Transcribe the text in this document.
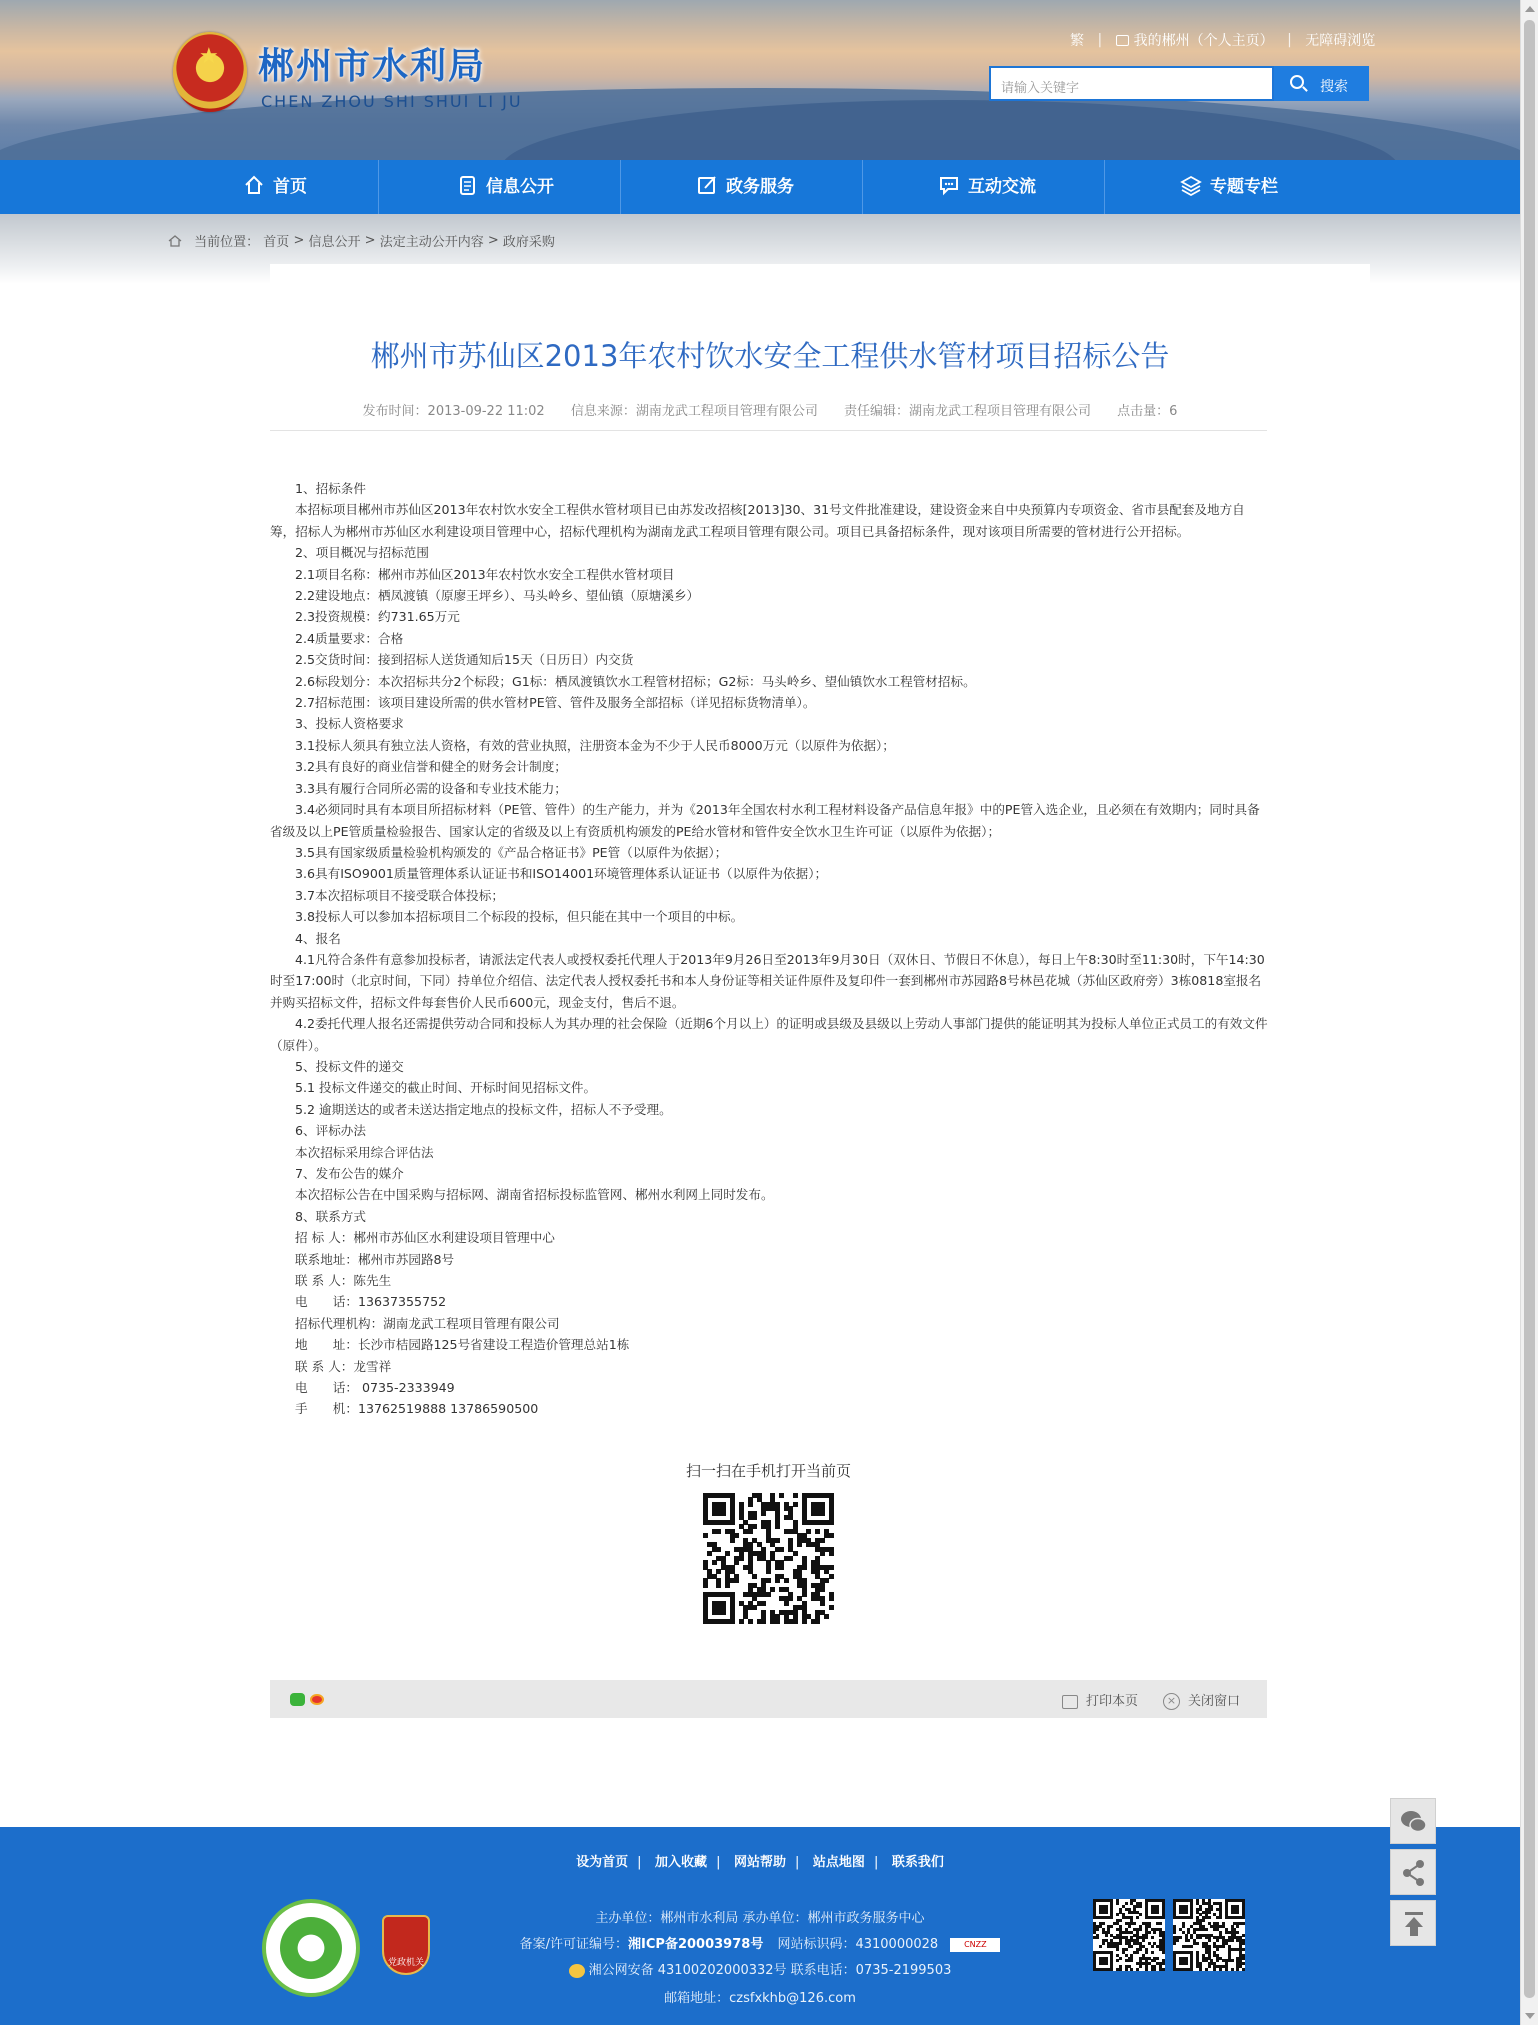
★ 郴州市水利局
CHEN ZHOU SHI SHUI LI JU
繁 | 我的郴州（个人主页） | 无障碍浏览
请输入关键字	搜索
首页	信息公开	政务服务	互动交流	专题专栏
当前位置： 首页 > 信息公开 > 法定主动公开内容 > 政府采购
郴州市苏仙区2013年农村饮水安全工程供水管材项目招标公告
发布时间：2013-09-22 11:02 信息来源：湖南龙武工程项目管理有限公司 责任编辑：湖南龙武工程项目管理有限公司 点击量：6

1、招标条件

本招标项目郴州市苏仙区2013年农村饮水安全工程供水管材项目已由苏发改招核[2013]30、31号文件批准建设，建设资金来自中央预算内专项资金、省市县配套及地方自筹，招标人为郴州市苏仙区水利建设项目管理中心，招标代理机构为湖南龙武工程项目管理有限公司。项目已具备招标条件，现对该项目所需要的管材进行公开招标。

2、项目概况与招标范围

2.1项目名称：郴州市苏仙区2013年农村饮水安全工程供水管材项目

2.2建设地点：栖凤渡镇（原廖王坪乡）、马头岭乡、望仙镇（原塘溪乡）

2.3投资规模：约731.65万元

2.4质量要求：合格

2.5交货时间：接到招标人送货通知后15天（日历日）内交货

2.6标段划分：本次招标共分2个标段；G1标：栖凤渡镇饮水工程管材招标；G2标：马头岭乡、望仙镇饮水工程管材招标。

2.7招标范围：该项目建设所需的供水管材PE管、管件及服务全部招标（详见招标货物清单）。

3、投标人资格要求

3.1投标人须具有独立法人资格，有效的营业执照，注册资本金为不少于人民币8000万元（以原件为依据）；

3.2具有良好的商业信誉和健全的财务会计制度；

3.3具有履行合同所必需的设备和专业技术能力；

3.4必须同时具有本项目所招标材料（PE管、管件）的生产能力，并为《2013年全国农村水利工程材料设备产品信息年报》中的PE管入选企业，且必须在有效期内；同时具备省级及以上PE管质量检验报告、国家认定的省级及以上有资质机构颁发的PE给水管材和管件安全饮水卫生许可证（以原件为依据）；

3.5具有国家级质量检验机构颁发的《产品合格证书》PE管（以原件为依据）；

3.6具有ISO9001质量管理体系认证证书和ISO14001环境管理体系认证证书（以原件为依据）；

3.7本次招标项目不接受联合体投标；

3.8投标人可以参加本招标项目二个标段的投标，但只能在其中一个项目的中标。

4、报名

4.1凡符合条件有意参加投标者，请派法定代表人或授权委托代理人于2013年9月26日至2013年9月30日（双休日、节假日不休息），每日上午8:30时至11:30时，下午14:30时至17:00时（北京时间，下同）持单位介绍信、法定代表人授权委托书和本人身份证等相关证件原件及复印件一套到郴州市苏园路8号林邑花城（苏仙区政府旁）3栋0818室报名并购买招标文件，招标文件每套售价人民币600元，现金支付，售后不退。

4.2委托代理人报名还需提供劳动合同和投标人为其办理的社会保险（近期6个月以上）的证明或县级及县级以上劳动人事部门提供的能证明其为投标人单位正式员工的有效文件（原件）。

5、投标文件的递交

5.1 投标文件递交的截止时间、开标时间见招标文件。

5.2 逾期送达的或者未送达指定地点的投标文件，招标人不予受理。

6、评标办法

本次招标采用综合评估法

7、发布公告的媒介

本次招标公告在中国采购与招标网、湖南省招标投标监管网、郴州水利网上同时发布。

8、联系方式

招 标 人：郴州市苏仙区水利建设项目管理中心

联系地址：郴州市苏园路8号

联 系 人：陈先生

电　　话：13637355752

招标代理机构：湖南龙武工程项目管理有限公司

地　　址：长沙市桔园路125号省建设工程造价管理总站1栋

联 系 人：龙雪祥

电　　话： 0735-2333949

手　　机：13762519888 13786590500

扫一扫在手机打开当前页
打印本页	× 关闭窗口
设为首页 | 加入收藏 | 网站帮助 | 站点地图 | 联系我们
党政机关
主办单位：郴州市水利局 承办单位：郴州市政务服务中心
备案/许可证编号：湘ICP备20003978号 网站标识码：4310000028	CNZZ
湘公网安备 43100202000332号 联系电话：0735-2199503
邮箱地址：czsfxkhb@126.com
